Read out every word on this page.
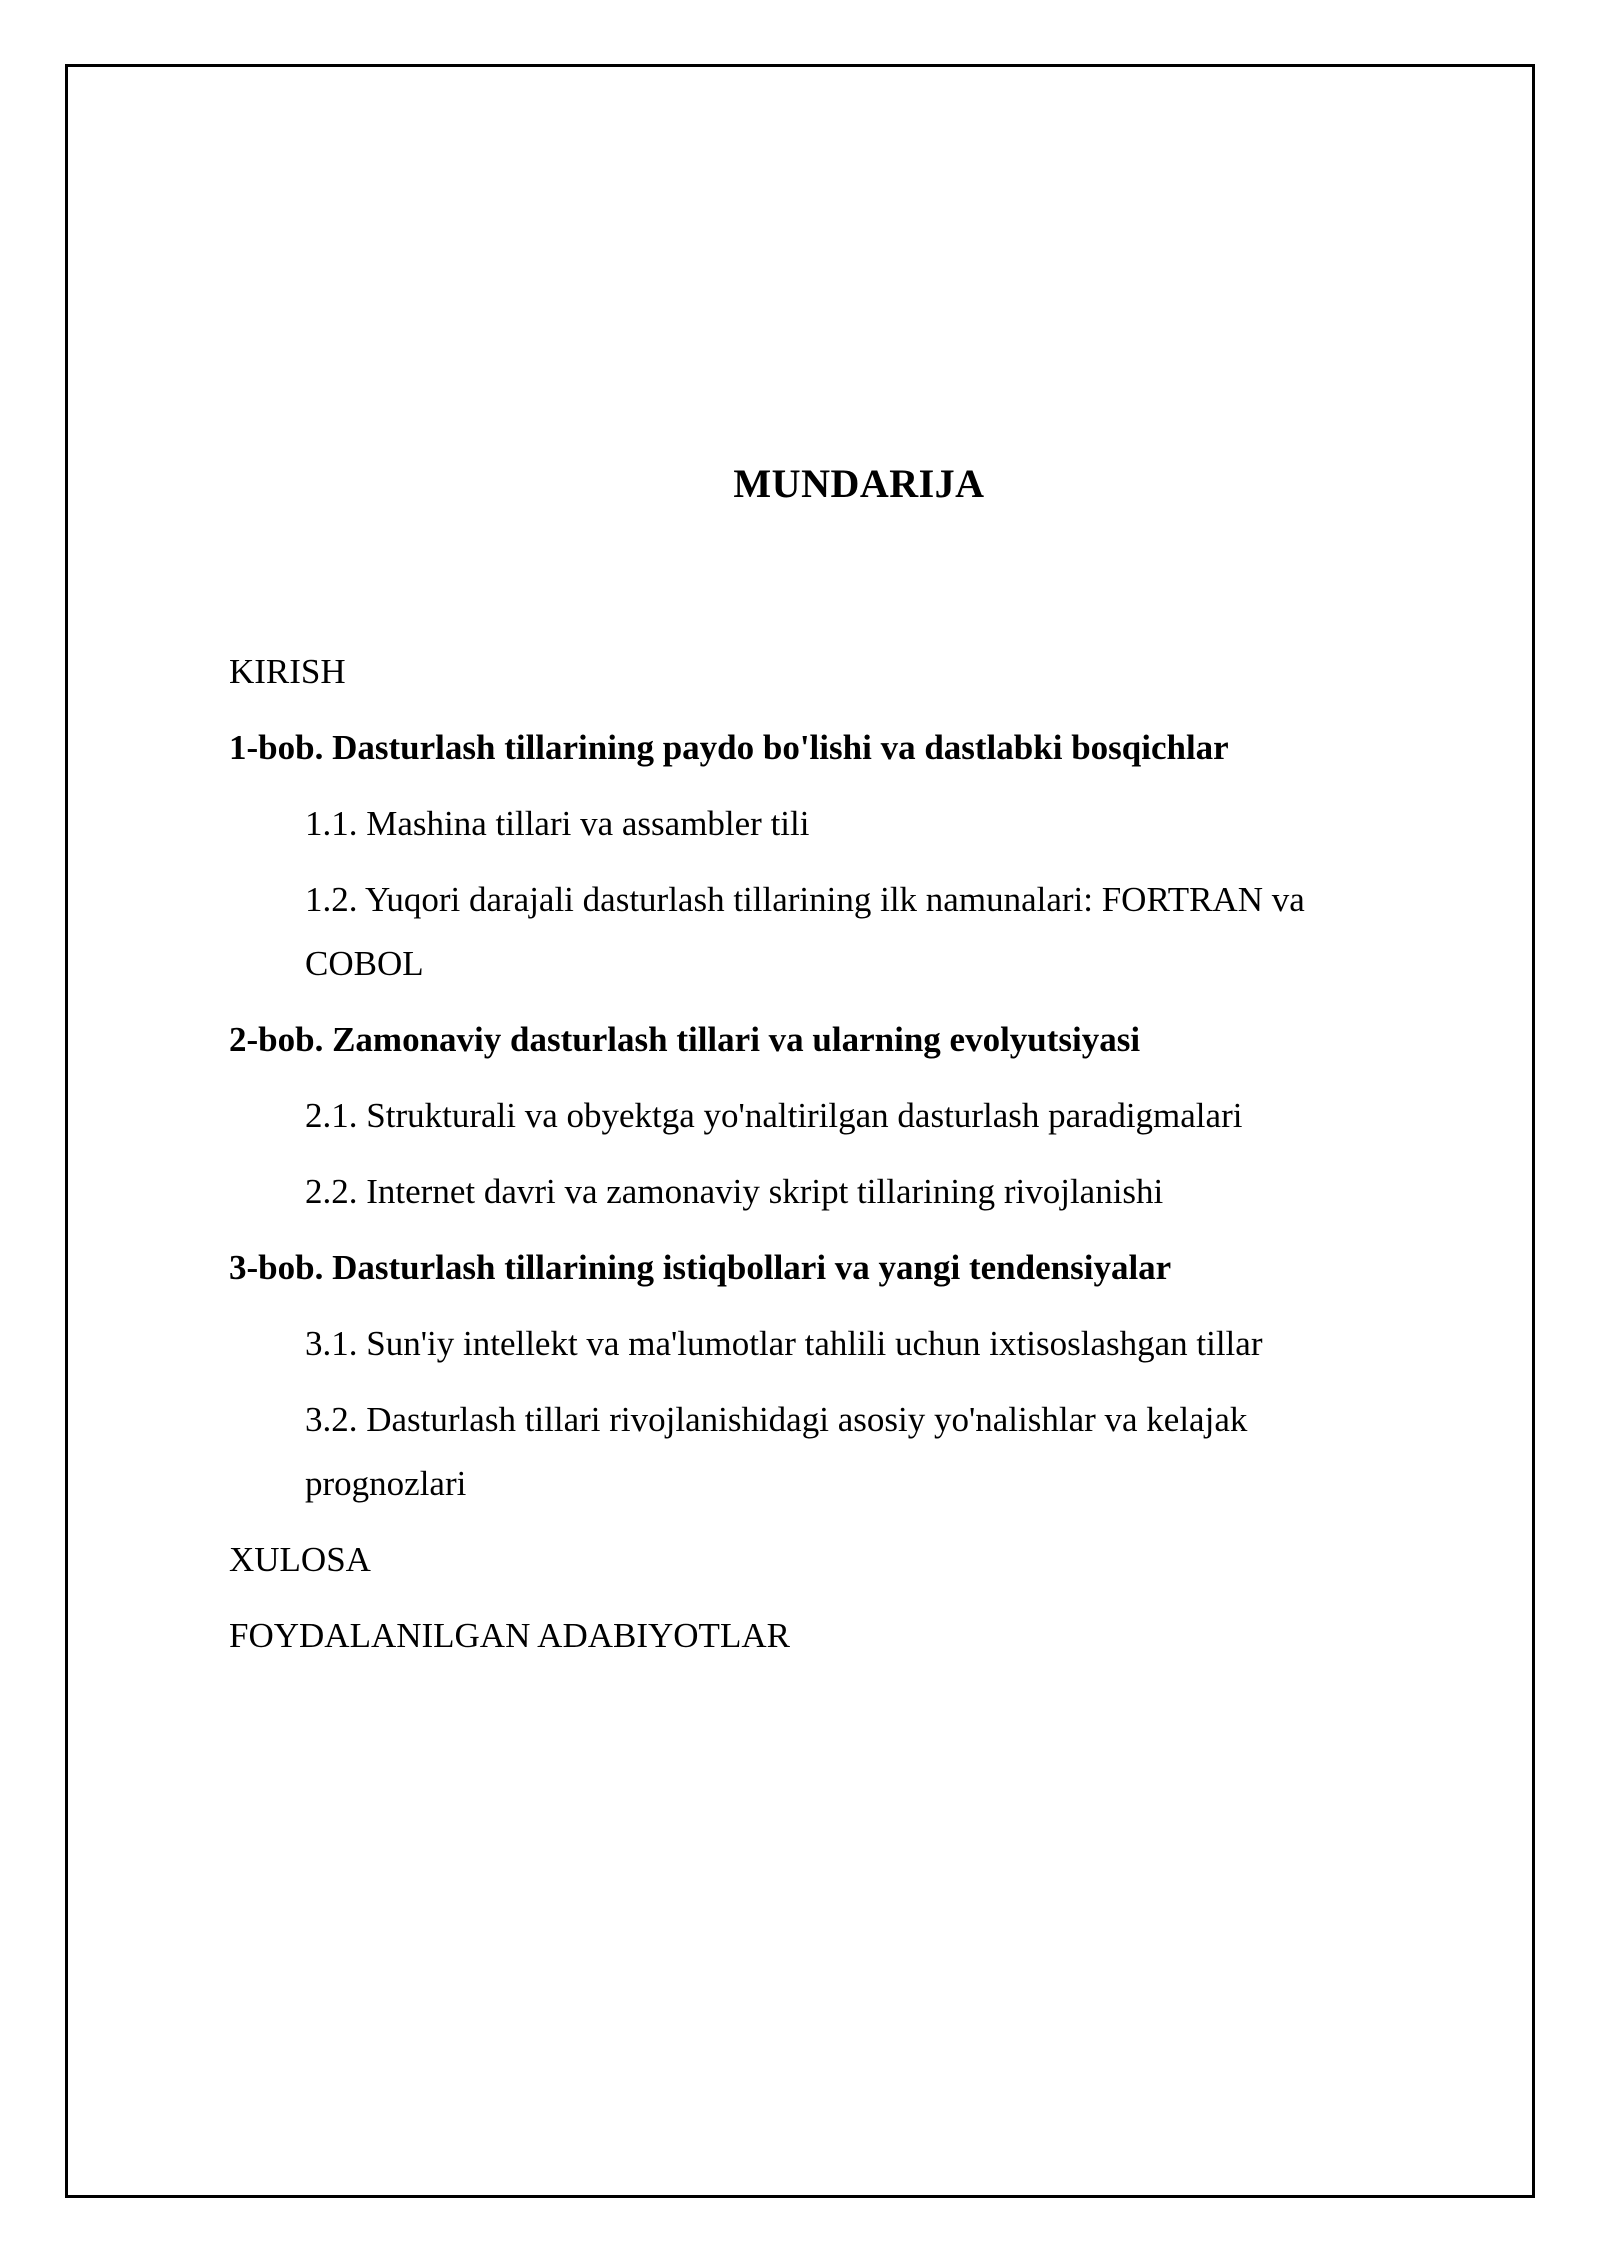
MUNDARIJA
KIRISH
1-bob. Dasturlash tillarining paydo bo'lishi va dastlabki bosqichlar
1.1. Mashina tillari va assambler tili
1.2. Yuqori darajali dasturlash tillarining ilk namunalari: FORTRAN va COBOL
2-bob. Zamonaviy dasturlash tillari va ularning evolyutsiyasi
2.1. Strukturali va obyektga yo'naltirilgan dasturlash paradigmalari
2.2. Internet davri va zamonaviy skript tillarining rivojlanishi
3-bob. Dasturlash tillarining istiqbollari va yangi tendensiyalar
3.1. Sun'iy intellekt va ma'lumotlar tahlili uchun ixtisoslashgan tillar
3.2. Dasturlash tillari rivojlanishidagi asosiy yo'nalishlar va kelajak prognozlari
XULOSA
FOYDALANILGAN ADABIYOTLAR
